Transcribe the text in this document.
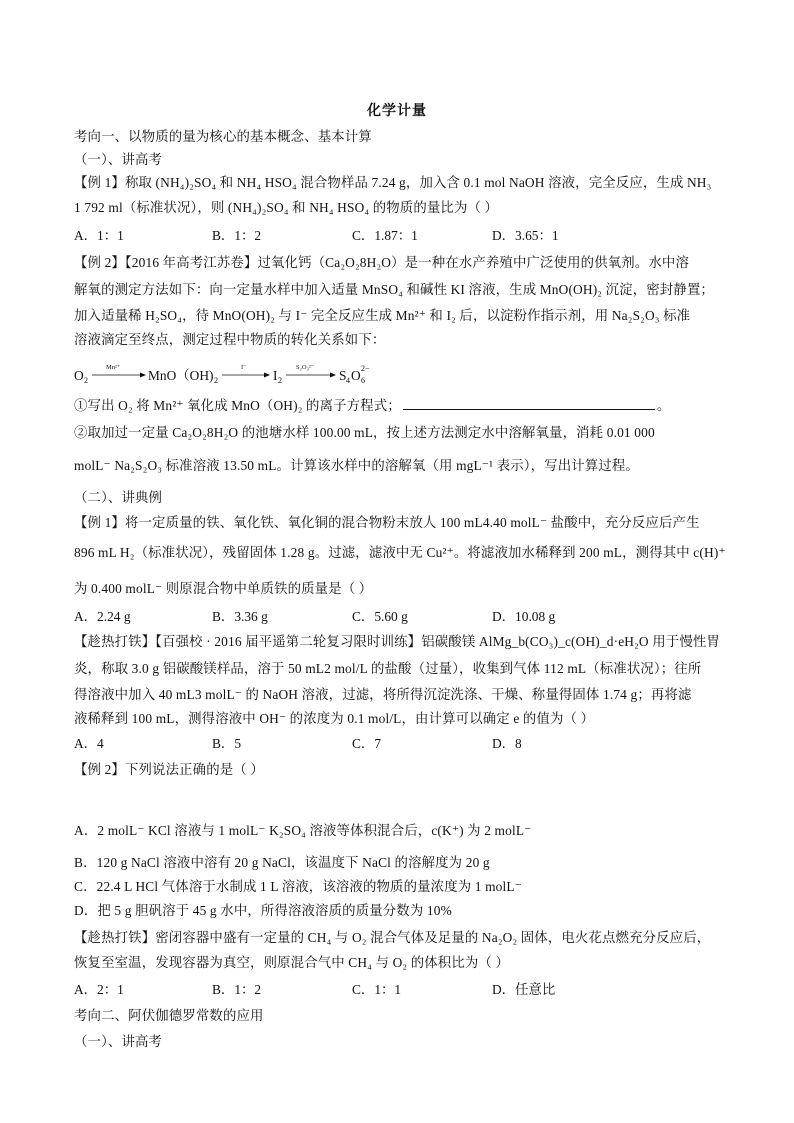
化学计量
考向一、以物质的量为核心的基本概念、基本计算
（一）、讲高考
【例 1】称取 (NH₄)₂SO₄ 和 NH₄ HSO₄ 混合物样品 7.24 g，加入含 0.1 mol NaOH 溶液，完全反应，生成 NH₃
1 792 ml（标准状况），则 (NH₄)₂SO₄ 和 NH₄ HSO₄ 的物质的量比为（ ）
A．1：1	B．1：2	C．1.87：1	D．3.65：1
【例 2】【2016 年高考江苏卷】过氧化钙（Ca₂O₂8H₂O）是一种在水产养殖中广泛使用的供氧剂。水中溶
解氧的测定方法如下：向一定量水样中加入适量 MnSO₄ 和碱性 KI 溶液，生成 MnO(OH)₂ 沉淀，密封静置；
加入适量稀 H₂SO₄，待 MnO(OH)₂ 与 I⁻ 完全反应生成 Mn²⁺ 和 I₂ 后，以淀粉作指示剂，用 Na₂S₂O₃ 标准
溶液滴定至终点，测定过程中物质的转化关系如下：
O 2
Mn²⁺
MnO（OH) 2
I⁻
I 2
S₂O₃²⁻
S 4 O 6
2−
①写出 O₂ 将 Mn²⁺ 氧化成 MnO（OH)₂ 的离子方程式；	。
②取加过一定量 Ca₂O₂8H₂O 的池塘水样 100.00 mL，按上述方法测定水中溶解氧量，消耗 0.01 000
molL⁻ Na₂S₂O₃ 标准溶液 13.50 mL。计算该水样中的溶解氧（用 mgL⁻¹ 表示），写出计算过程。
（二）、讲典例
【例 1】将一定质量的铁、氧化铁、氧化铜的混合物粉末放人 100 mL4.40 molL⁻ 盐酸中，充分反应后产生
896 mL H₂（标准状况），残留固体 1.28 g。过滤，滤液中无 Cu²⁺。将滤液加水稀释到 200 mL，测得其中 c(H)⁺
为 0.400 molL⁻ 则原混合物中单质铁的质量是（ ）
A．2.24 g	B．3.36 g	C．5.60 g	D．10.08 g
【趁热打铁】【百强校 · 2016 届平遥第二轮复习限时训练】铝碳酸镁 AlMg_b(CO₃)_c(OH)_d·eH₂O 用于慢性胃
炎，称取 3.0 g 铝碳酸镁样品，溶于 50 mL2 mol/L 的盐酸（过量），收集到气体 112 mL（标准状况）；往所
得溶液中加入 40 mL3 molL⁻ 的 NaOH 溶液，过滤，将所得沉淀洗涤、干燥、称量得固体 1.74 g；再将滤
液稀释到 100 mL，测得溶液中 OH⁻ 的浓度为 0.1 mol/L，由计算可以确定 e 的值为（ ）
A．4	B．5	C．7	D．8
【例 2】下列说法正确的是（ ）
A．2 molL⁻ KCl 溶液与 1 molL⁻ K₂SO₄ 溶液等体积混合后，c(K⁺) 为 2 molL⁻
B．120 g NaCl 溶液中溶有 20 g NaCl，该温度下 NaCl 的溶解度为 20 g
C．22.4 L HCl 气体溶于水制成 1 L 溶液，该溶液的物质的量浓度为 1 molL⁻
D．把 5 g 胆矾溶于 45 g 水中，所得溶液溶质的质量分数为 10%
【趁热打铁】密闭容器中盛有一定量的 CH₄ 与 O₂ 混合气体及足量的 Na₂O₂ 固体，电火花点燃充分反应后，
恢复至室温，发现容器为真空，则原混合气中 CH₄ 与 O₂ 的体积比为（ ）
A．2：1	B．1：2	C．1：1	D．任意比
考向二、阿伏伽德罗常数的应用
（一）、讲高考
